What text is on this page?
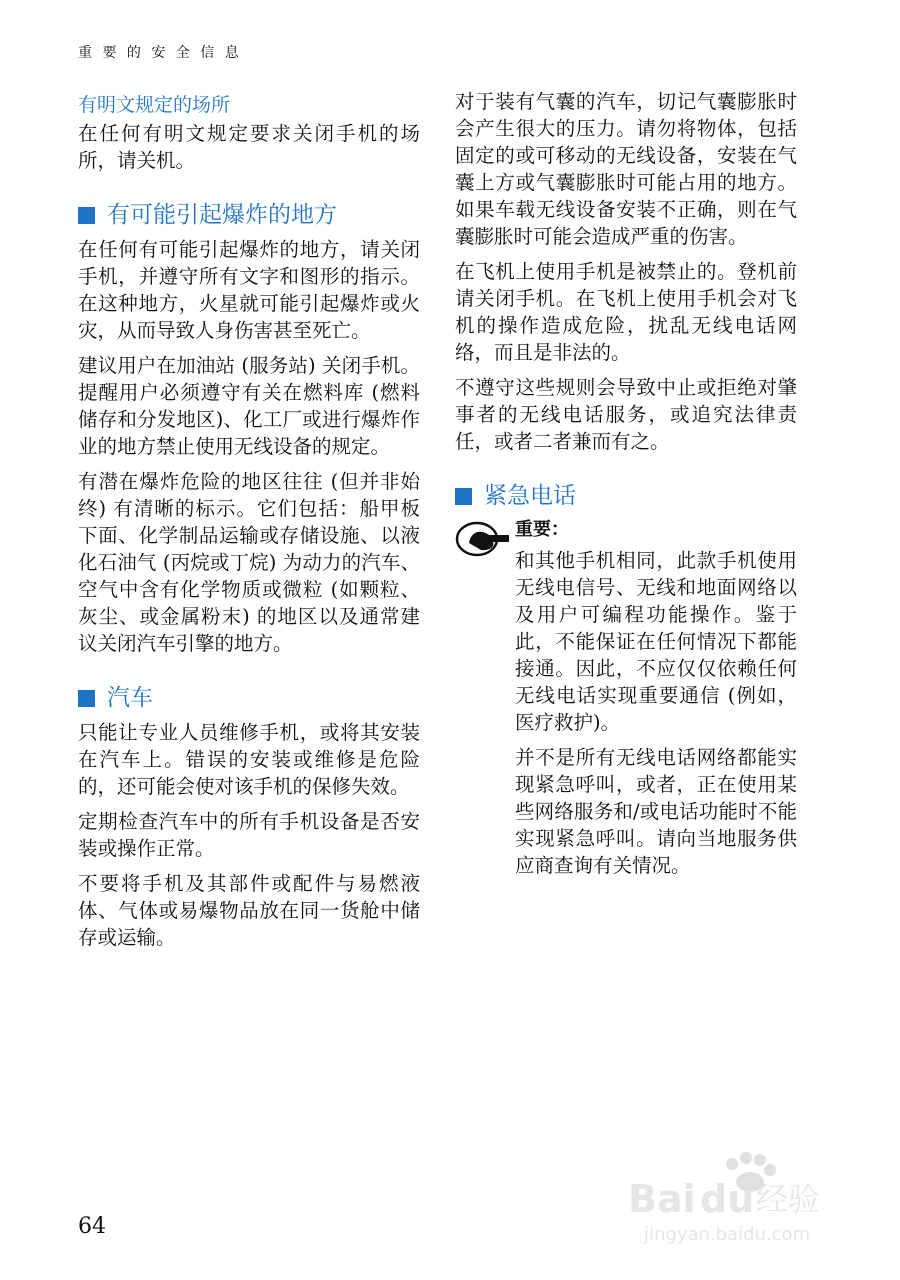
重 要 的 安 全 信 息
有明文规定的场所

在任何有明文规定要求关闭手机的场所，请关机。

有可能引起爆炸的地方

在任何有可能引起爆炸的地方，请关闭手机，并遵守所有文字和图形的指示。在这种地方，火星就可能引起爆炸或火灾，从而导致人身伤害甚至死亡。

建议用户在加油站 (服务站) 关闭手机。提醒用户必须遵守有关在燃料库 (燃料储存和分发地区)、化工厂或进行爆炸作业的地方禁止使用无线设备的规定。

有潜在爆炸危险的地区往往 (但并非始终) 有清晰的标示。它们包括：船甲板下面、化学制品运输或存储设施、以液化石油气 (丙烷或丁烷) 为动力的汽车、空气中含有化学物质或微粒 (如颗粒、灰尘、或金属粉末) 的地区以及通常建议关闭汽车引擎的地方。

汽车

只能让专业人员维修手机，或将其安装在汽车上。错误的安装或维修是危险的，还可能会使对该手机的保修失效。

定期检查汽车中的所有手机设备是否安装或操作正常。

不要将手机及其部件或配件与易燃液体、气体或易爆物品放在同一货舱中储存或运输。

对于装有气囊的汽车，切记气囊膨胀时会产生很大的压力。请勿将物体，包括固定的或可移动的无线设备，安装在气囊上方或气囊膨胀时可能占用的地方。如果车载无线设备安装不正确，则在气囊膨胀时可能会造成严重的伤害。

在飞机上使用手机是被禁止的。登机前请关闭手机。在飞机上使用手机会对飞机的操作造成危险，扰乱无线电话网络，而且是非法的。

不遵守这些规则会导致中止或拒绝对肇事者的无线电话服务，或追究法律责任，或者二者兼而有之。

紧急电话
重要：

和其他手机相同，此款手机使用无线电信号、无线和地面网络以及用户可编程功能操作。鉴于此，不能保证在任何情况下都能接通。因此，不应仅仅依赖任何无线电话实现重要通信 (例如，医疗救护)。

并不是所有无线电话网络都能实现紧急呼叫，或者，正在使用某些网络服务和/或电话功能时不能实现紧急呼叫。请向当地服务供应商查询有关情况。

64
Bai du 经验
jingyan.baidu.com
